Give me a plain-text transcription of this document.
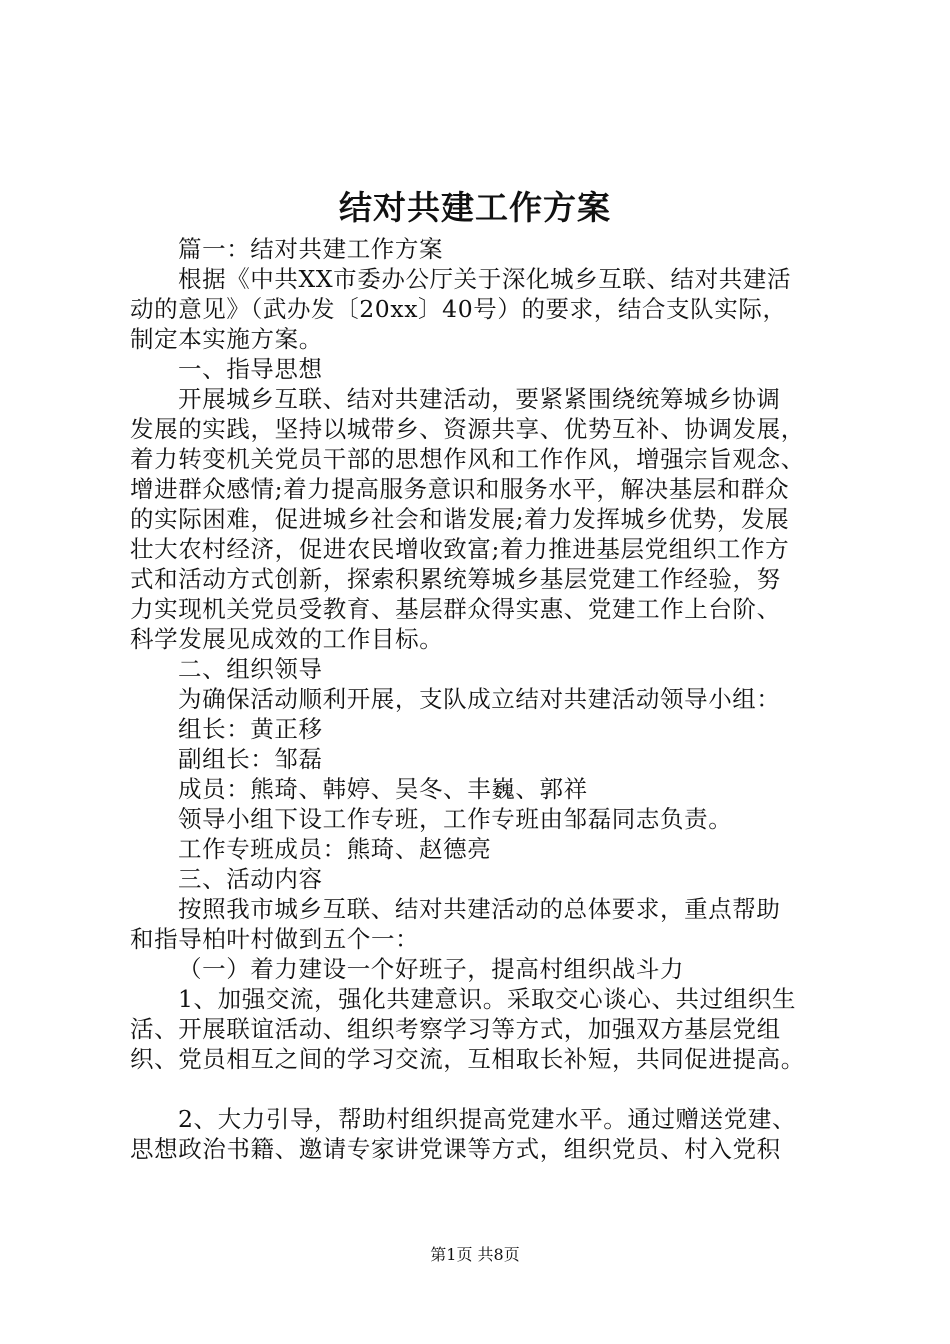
结对共建工作方案

篇一：结对共建工作方案

根据《中共XX市委办公厅关于深化城乡互联、结对共建活

动的意见》（武办发〔20xx〕40号）的要求，结合支队实际，

制定本实施方案。

一、指导思想

开展城乡互联、结对共建活动，要紧紧围绕统筹城乡协调

发展的实践，坚持以城带乡、资源共享、优势互补、协调发展，

着力转变机关党员干部的思想作风和工作作风，增强宗旨观念、

增进群众感情;着力提高服务意识和服务水平，解决基层和群众

的实际困难，促进城乡社会和谐发展;着力发挥城乡优势，发展

壮大农村经济，促进农民增收致富;着力推进基层党组织工作方

式和活动方式创新，探索积累统筹城乡基层党建工作经验，努

力实现机关党员受教育、基层群众得实惠、党建工作上台阶、

科学发展见成效的工作目标。

二、组织领导

为确保活动顺利开展，支队成立结对共建活动领导小组：

组长：黄正移

副组长：邹磊

成员：熊琦、韩婷、吴冬、丰巍、郭祥

领导小组下设工作专班，工作专班由邹磊同志负责。

工作专班成员：熊琦、赵德亮

三、活动内容

按照我市城乡互联、结对共建活动的总体要求，重点帮助

和指导柏叶村做到五个一：

（一）着力建设一个好班子，提高村组织战斗力

1、加强交流，强化共建意识。采取交心谈心、共过组织生

活、开展联谊活动、组织考察学习等方式，加强双方基层党组

织、党员相互之间的学习交流，互相取长补短，共同促进提高。

2、大力引导，帮助村组织提高党建水平。通过赠送党建、

思想政治书籍、邀请专家讲党课等方式，组织党员、村入党积

第1页 共8页
